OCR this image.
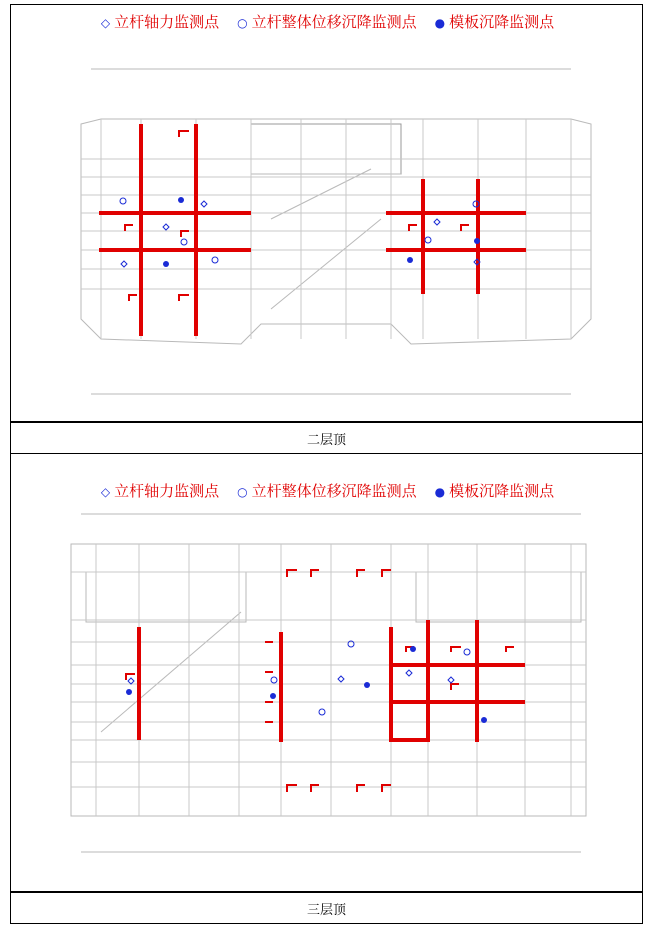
◇ 立杆轴力监测点 ○ 立杆整体位移沉降监测点 ● 模板沉降监测点
二层顶
◇ 立杆轴力监测点 ○ 立杆整体位移沉降监测点 ● 模板沉降监测点
三层顶
